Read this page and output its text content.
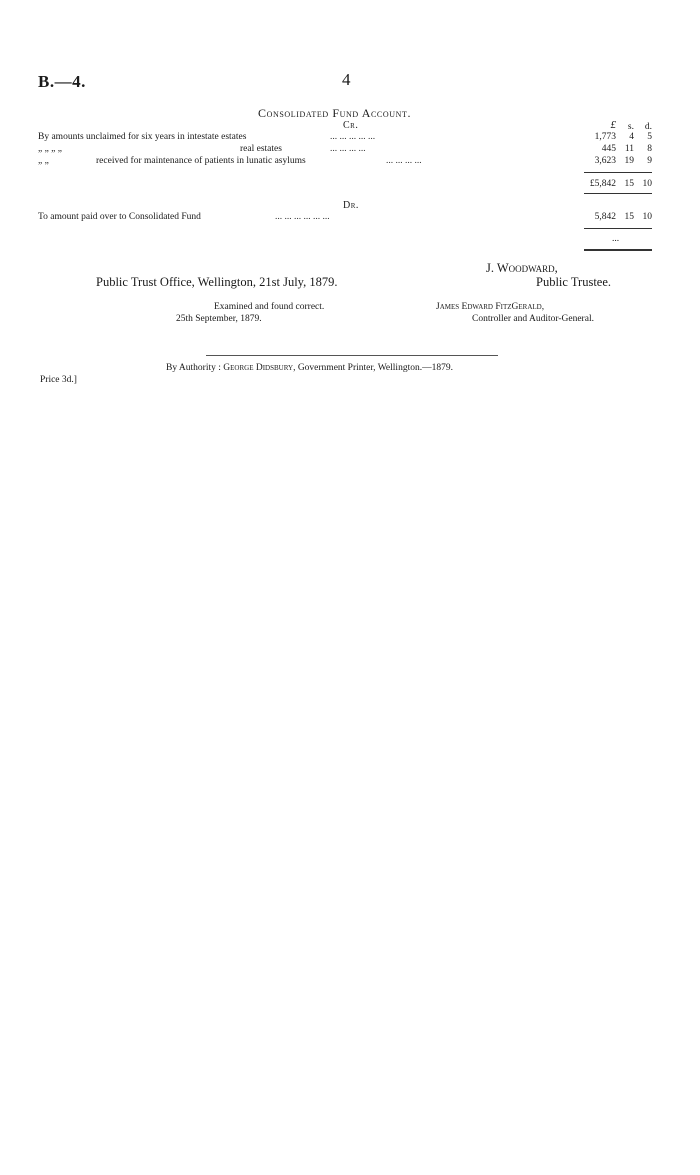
B.—4.	4
Consolidated Fund Account.
Cr.	£	s.	d.
By amounts unclaimed for six years in intestate estates	... ... ... ... ...	1,773	4	5
„ „ „ „	real estates	... ... ... ...	445 11	8
„ „	received for maintenance of patients in lunatic asylums	... ... ... ...	3,623 19	9
£5,842 15 10
Dr.
To amount paid over to Consolidated Fund	... ... ... ... ... ...	5,842 15 10
...
J. Woodward,
Public Trust Office, Wellington, 21st July, 1879.	Public Trustee.
Examined and found correct.	James Edward FitzGerald,
25th September, 1879.	Controller and Auditor-General.
By Authority : George Didsbury, Government Printer, Wellington.—1879.
Price 3d.]
